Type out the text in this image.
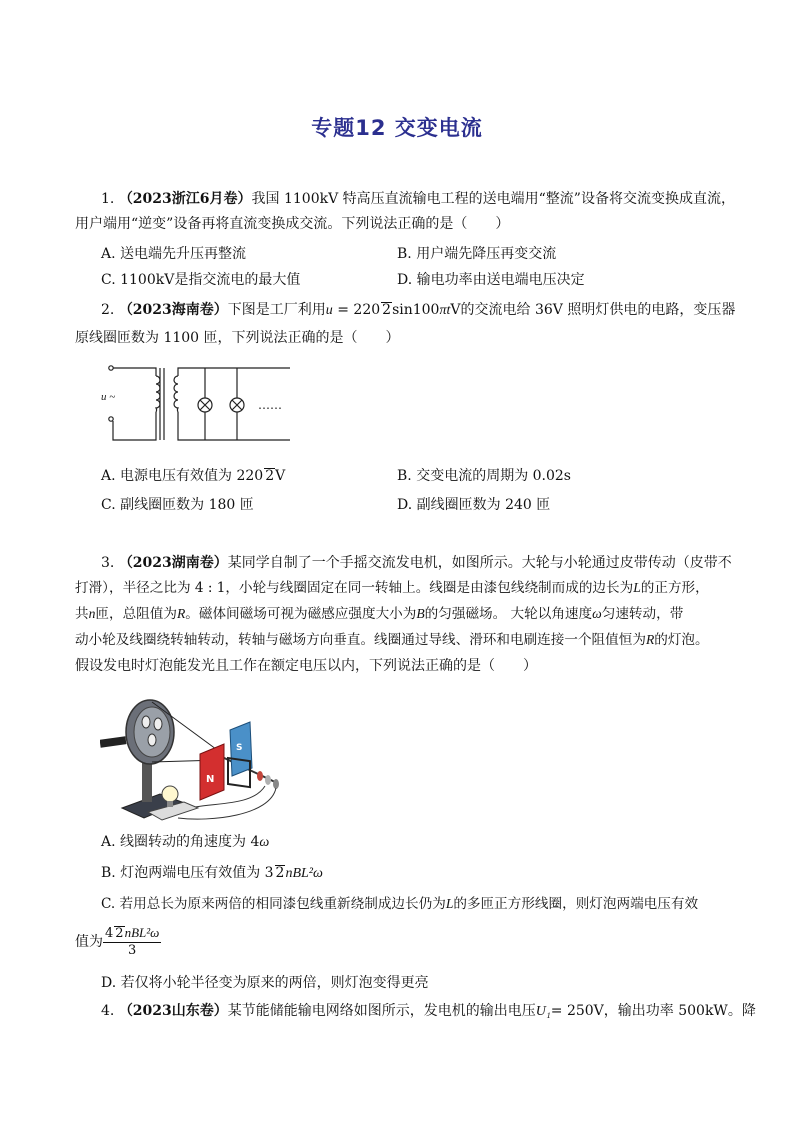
专题12 交变电流
1. （2023浙江6月卷）我国 1100kV 特高压直流输电工程的送电端用“整流”设备将交流变换成直流，
用户端用“逆变”设备再将直流变换成交流。下列说法正确的是（　　）
A. 送电端先升压再整流	B. 用户端先降压再变交流
C. 1100kV是指交流电的最大值	D. 输电功率由送电端电压决定
2. （2023海南卷）下图是工厂利用u = 220 2sin100πtV的交流电给 36V 照明灯供电的电路，变压器
原线圈匝数为 1100 匝，下列说法正确的是（　　）
u ~
……
A. 电源电压有效值为 220 2V	B. 交变电流的周期为 0.02s
C. 副线圈匝数为 180 匝	D. 副线圈匝数为 240 匝
3. （2023湖南卷）某同学自制了一个手摇交流发电机，如图所示。大轮与小轮通过皮带传动（皮带不
打滑），半径之比为 4 : 1，小轮与线圈固定在同一转轴上。线圈是由漆包线绕制而成的边长为L的正方形，
共n匝，总阻值为R。磁体间磁场可视为磁感应强度大小为B的匀强磁场。 大轮以角速度ω匀速转动，带
动小轮及线圈绕转轴转动，转轴与磁场方向垂直。线圈通过导线、滑环和电刷连接一个阻值恒为R的灯泡。
假设发电时灯泡能发光且工作在额定电压以内，下列说法正确的是（　　）
N
S
A. 线圈转动的角速度为 4ω
B. 灯泡两端电压有效值为 3 2nBL²ω
C. 若用总长为原来两倍的相同漆包线重新绕制成边长仍为L的多匝正方形线圈，则灯泡两端电压有效
值为 $\frac{\text{4 2nBL²ω}}{3}$
D. 若仅将小轮半径变为原来的两倍，则灯泡变得更亮
4. （2023山东卷）某节能储能输电网络如图所示，发电机的输出电压U₁= 250V，输出功率 500kW。降
